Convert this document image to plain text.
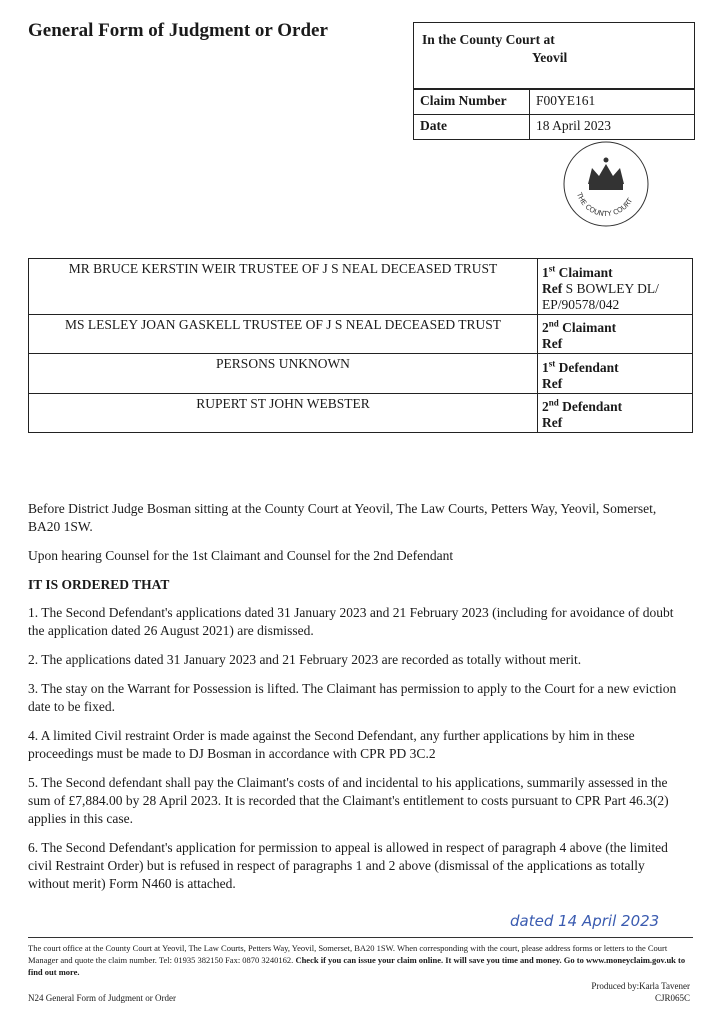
General Form of Judgment or Order	In the County Court at
Yeovil
Claim Number	F00YE161
Date	18 April 2023
THE COUNTY COURT
MR BRUCE KERSTIN WEIR TRUSTEE OF J S NEAL DECEASED TRUST	1st Claimant
Ref S BOWLEY DL/ EP/90578/042
MS LESLEY JOAN GASKELL TRUSTEE OF J S NEAL DECEASED TRUST	2nd Claimant
Ref
PERSONS UNKNOWN	1st Defendant
Ref
RUPERT ST JOHN WEBSTER	2nd Defendant
Ref

Before District Judge Bosman sitting at the County Court at Yeovil, The Law Courts, Petters Way, Yeovil, Somerset, BA20 1SW.

Upon hearing Counsel for the 1st Claimant and Counsel for the 2nd Defendant

IT IS ORDERED THAT

1. The Second Defendant's applications dated 31 January 2023 and 21 February 2023 (including for avoidance of doubt the application dated 26 August 2021) are dismissed.

2. The applications dated 31 January 2023 and 21 February 2023 are recorded as totally without merit.

3. The stay on the Warrant for Possession is lifted. The Claimant has permission to apply to the Court for a new eviction date to be fixed.

4. A limited Civil restraint Order is made against the Second Defendant, any further applications by him in these proceedings must be made to DJ Bosman in accordance with CPR PD 3C.2

5. The Second defendant shall pay the Claimant's costs of and incidental to his applications, summarily assessed in the sum of £7,884.00 by 28 April 2023. It is recorded that the Claimant's entitlement to costs pursuant to CPR Part 46.3(2) applies in this case.

6. The Second Defendant's application for permission to appeal is allowed in respect of paragraph 4 above (the limited civil Restraint Order) but is refused in respect of paragraphs 1 and 2 above (dismissal of the applications as totally without merit) Form N460 is attached.

dated 14 April 2023
The court office at the County Court at Yeovil, The Law Courts, Petters Way, Yeovil, Somerset, BA20 1SW. When corresponding with the court, please address forms or letters to the Court Manager and quote the claim number. Tel: 01935 382150 Fax: 0870 3240162. Check if you can issue your claim online. It will save you time and money. Go to www.moneyclaim.gov.uk to find out more.
Produced by:Karla Tavener
CJR065C
N24 General Form of Judgment or Order
